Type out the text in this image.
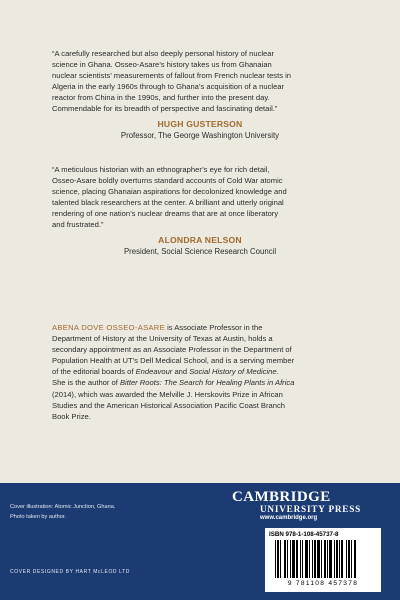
“A carefully researched but also deeply personal history of nuclear
science in Ghana. Osseo-Asare’s history takes us from Ghanaian
nuclear scientists’ measurements of fallout from French nuclear tests in
Algeria in the early 1960s through to Ghana’s acquisition of a nuclear
reactor from China in the 1990s, and further into the present day.
Commendable for its breadth of perspective and fascinating detail.”
HUGH GUSTERSON
Professor, The George Washington University
“A meticulous historian with an ethnographer’s eye for rich detail,
Osseo-Asare boldly overturns standard accounts of Cold War atomic
science, placing Ghanaian aspirations for decolonized knowledge and
talented black researchers at the center. A brilliant and utterly original
rendering of one nation’s nuclear dreams that are at once liberatory
and frustrated.”
ALONDRA NELSON
President, Social Science Research Council
ABENA DOVE OSSEO-ASARE is Associate Professor in the
Department of History at the University of Texas at Austin, holds a
secondary appointment as an Associate Professor in the Department of
Population Health at UT’s Dell Medical School, and is a serving member
of the editorial boards of Endeavour and Social History of Medicine.
She is the author of Bitter Roots: The Search for Healing Plants in Africa
(2014), which was awarded the Melville J. Herskovits Prize in African
Studies and the American Historical Association Pacific Coast Branch
Book Prize.
Cover illustration: Atomic Junction, Ghana.
Photo taken by author.
COVER DESIGNED BY HART McLEOD LTD
CAMBRIDGE
UNIVERSITY PRESS
www.cambridge.org
ISBN 978-1-108-45737-8
9 781108 457378
